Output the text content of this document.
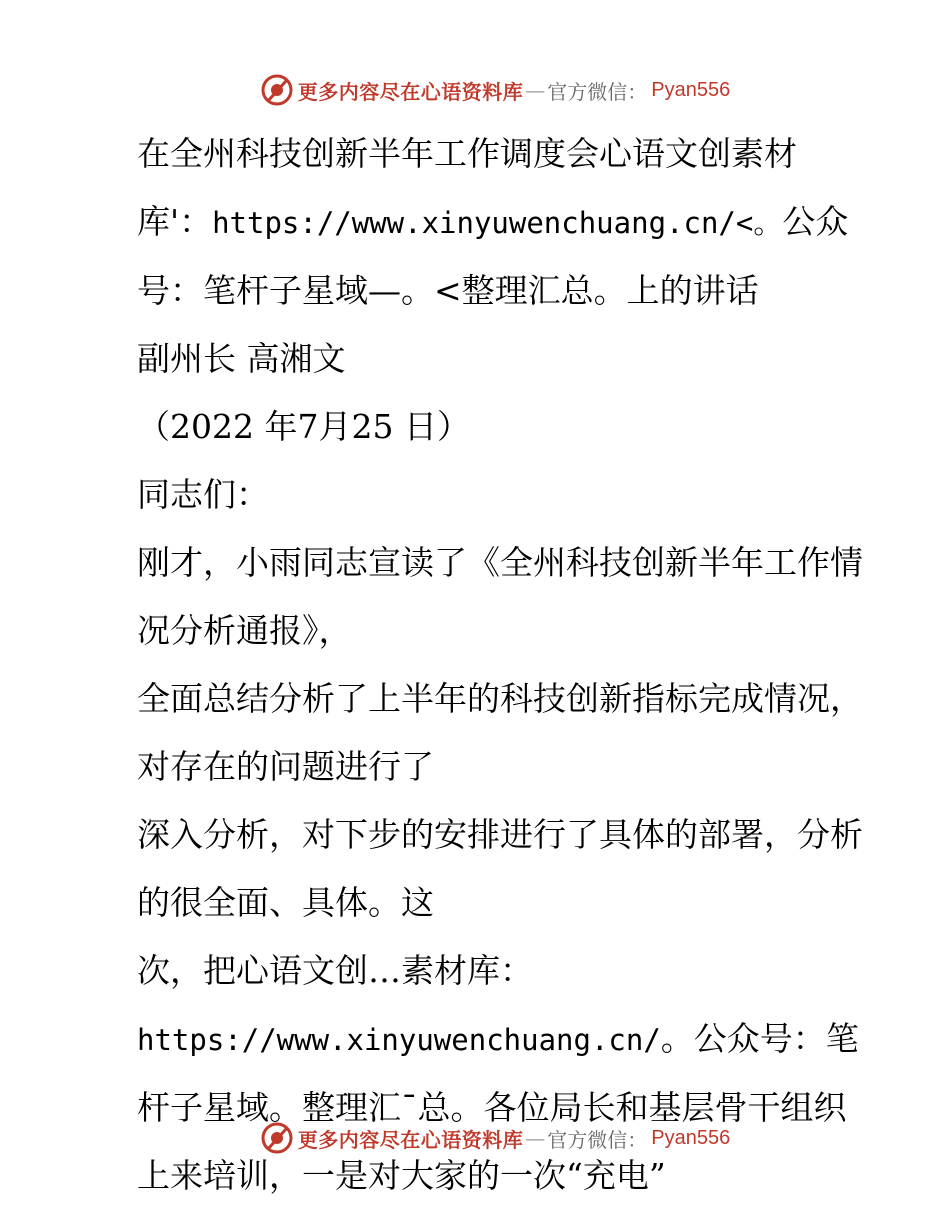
更多内容尽在心语资料库 — 官方微信： Pyan556

在全州科技创新半年工作调度会心语文创素材库'：https://www.xinyuwenchuang.cn/<。公众号：笔杆子星域—。<整理汇总。上的讲话

副州长 高湘文

（2022 年7月25 日）

同志们：

刚才，小雨同志宣读了《全州科技创新半年工作情况分析通报》，

全面总结分析了上半年的科技创新指标完成情况，对存在的问题进行了

深入分析，对下步的安排进行了具体的部署，分析的很全面、具体。这

次，把心语文创…素材库：https://www.xinyuwenchuang.cn/。公众号：笔杆子星域。整理汇¯总。各位局长和基层骨干组织上来培训，一是对大家的一次“充电”

更多内容尽在心语资料库 — 官方微信： Pyan556
